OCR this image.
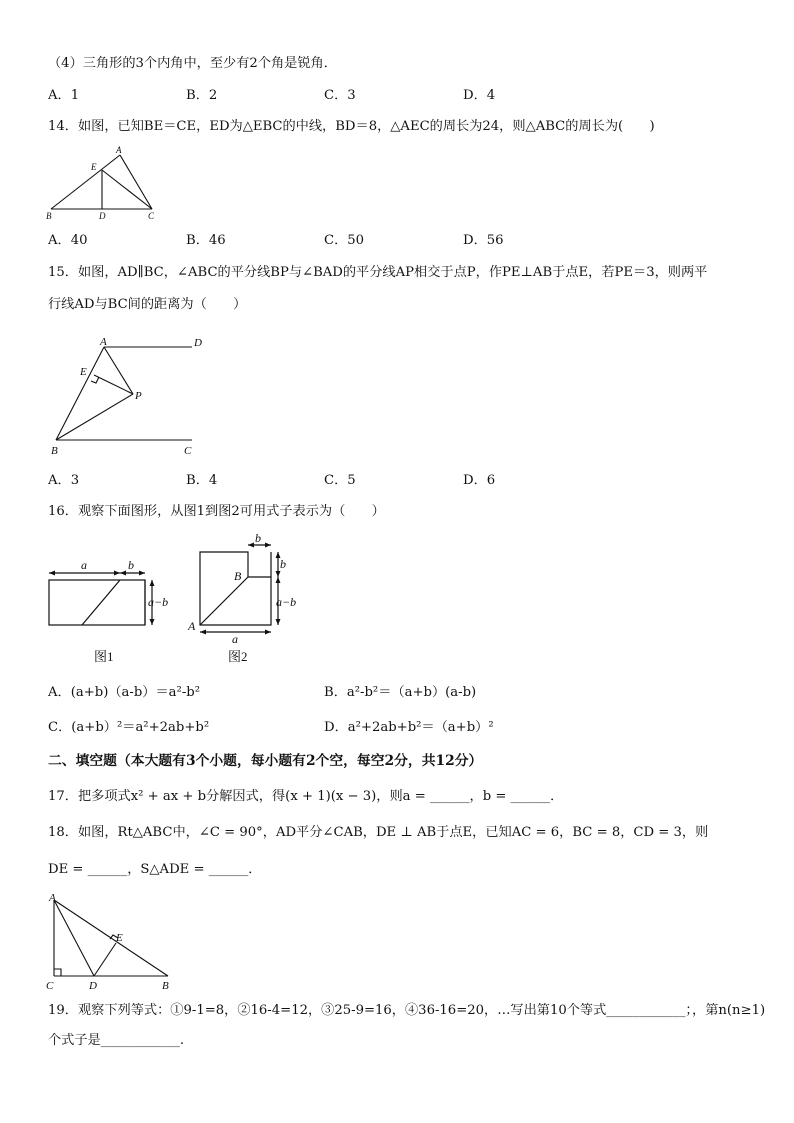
（4）三角形的3个内角中，至少有2个角是锐角．
A．1	B．2	C．3	D．4
14．如图，已知BE＝CE，ED为△EBC的中线，BD＝8，△AEC的周长为24，则△ABC的周长为(　　)
A
E
B	D	C
A．40	B．46	C．50	D．56
15．如图，AD∥BC，∠ABC的平分线BP与∠BAD的平分线AP相交于点P，作PE⊥AB于点E，若PE＝3，则两平
行线AD与BC间的距离为（　　）
A	D
E
P
B	C
A．3	B．4	C．5	D．6
16．观察下面图形，从图1到图2可用式子表示为（　　）
a	b
a−b
图1
b
b
a−b
a
B
A
图2
A．(a+b)（a-b）＝a²-b²	B．a²-b²＝（a+b）(a-b)
C．(a+b）²＝a²+2ab+b²	D．a²+2ab+b²＝（a+b）²
二、填空题（本大题有3个小题，每小题有2个空，每空2分，共12分）
17．把多项式x² + ax + b分解因式，得(x + 1)(x − 3)，则a = ______，b = ______．
18．如图，Rt△ABC中，∠C = 90°，AD平分∠CAB，DE ⊥ AB于点E，已知AC = 6，BC = 8，CD = 3，则
DE = ______，S△ADE = ______．
A
E
C	D	B
19．观察下列等式：①9-1=8，②16-4=12，③25-9=16，④36-16=20，…写出第10个等式____________；，第n(n≥1)
个式子是____________.
